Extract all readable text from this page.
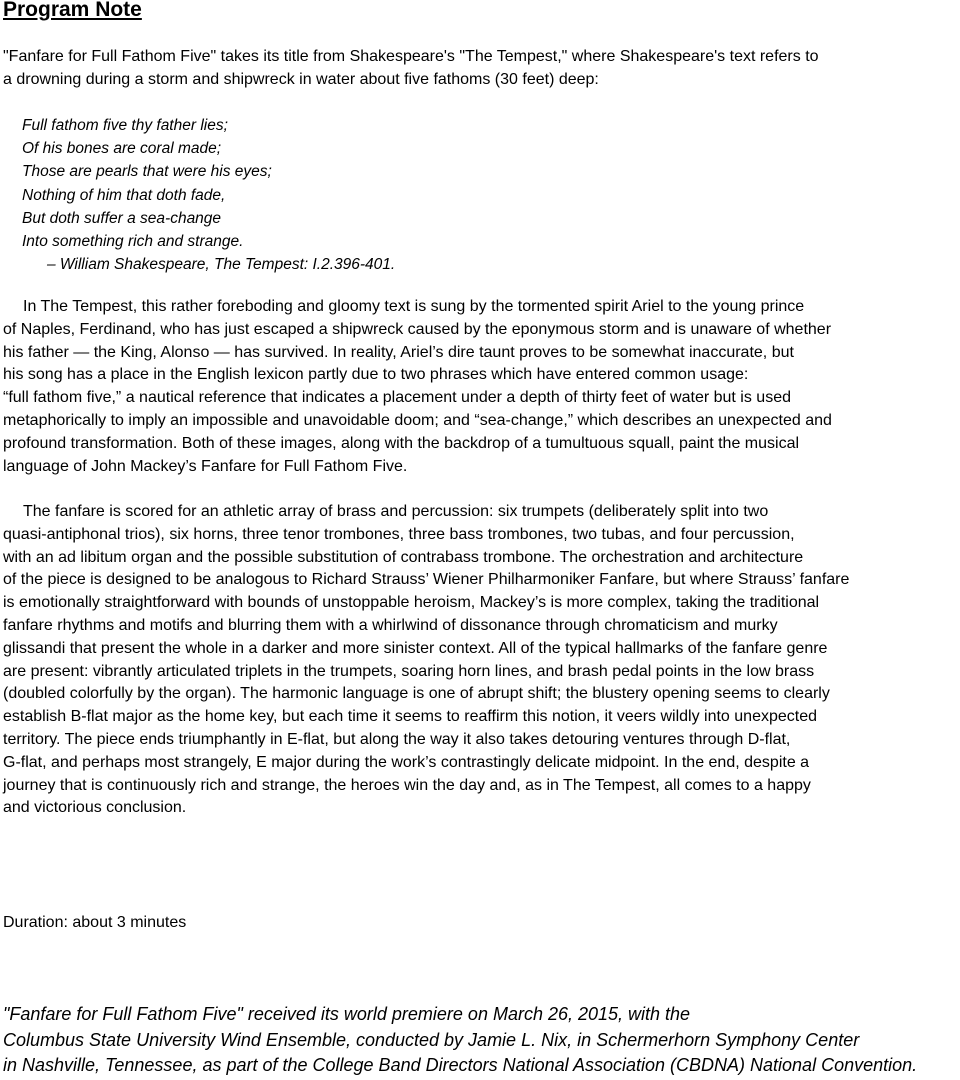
Program Note

"Fanfare for Full Fathom Five" takes its title from Shakespeare's "The Tempest," where Shakespeare's text refers to
a drowning during a storm and shipwreck in water about five fathoms (30 feet) deep:

Full fathom five thy father lies;
Of his bones are coral made;
Those are pearls that were his eyes;
Nothing of him that doth fade,
But doth suffer a sea-change
Into something rich and strange.
– William Shakespeare, The Tempest: I.2.396-401.

In The Tempest, this rather foreboding and gloomy text is sung by the tormented spirit Ariel to the young prince
of Naples, Ferdinand, who has just escaped a shipwreck caused by the eponymous storm and is unaware of whether
his father — the King, Alonso — has survived. In reality, Ariel’s dire taunt proves to be somewhat inaccurate, but
his song has a place in the English lexicon partly due to two phrases which have entered common usage:
“full fathom five,” a nautical reference that indicates a placement under a depth of thirty feet of water but is used
metaphorically to imply an impossible and unavoidable doom; and “sea-change,” which describes an unexpected and
profound transformation. Both of these images, along with the backdrop of a tumultuous squall, paint the musical
language of John Mackey’s Fanfare for Full Fathom Five.

The fanfare is scored for an athletic array of brass and percussion: six trumpets (deliberately split into two
quasi-antiphonal trios), six horns, three tenor trombones, three bass trombones, two tubas, and four percussion,
with an ad libitum organ and the possible substitution of contrabass trombone. The orchestration and architecture
of the piece is designed to be analogous to Richard Strauss’ Wiener Philharmoniker Fanfare, but where Strauss’ fanfare
is emotionally straightforward with bounds of unstoppable heroism, Mackey’s is more complex, taking the traditional
fanfare rhythms and motifs and blurring them with a whirlwind of dissonance through chromaticism and murky
glissandi that present the whole in a darker and more sinister context. All of the typical hallmarks of the fanfare genre
are present: vibrantly articulated triplets in the trumpets, soaring horn lines, and brash pedal points in the low brass
(doubled colorfully by the organ). The harmonic language is one of abrupt shift; the blustery opening seems to clearly
establish B-flat major as the home key, but each time it seems to reaffirm this notion, it veers wildly into unexpected
territory. The piece ends triumphantly in E-flat, but along the way it also takes detouring ventures through D-flat,
G-flat, and perhaps most strangely, E major during the work’s contrastingly delicate midpoint. In the end, despite a
journey that is continuously rich and strange, the heroes win the day and, as in The Tempest, all comes to a happy
and victorious conclusion.

Duration: about 3 minutes

"Fanfare for Full Fathom Five" received its world premiere on March 26, 2015, with the
Columbus State University Wind Ensemble, conducted by Jamie L. Nix, in Schermerhorn Symphony Center
in Nashville, Tennessee, as part of the College Band Directors National Association (CBDNA) National Convention.
